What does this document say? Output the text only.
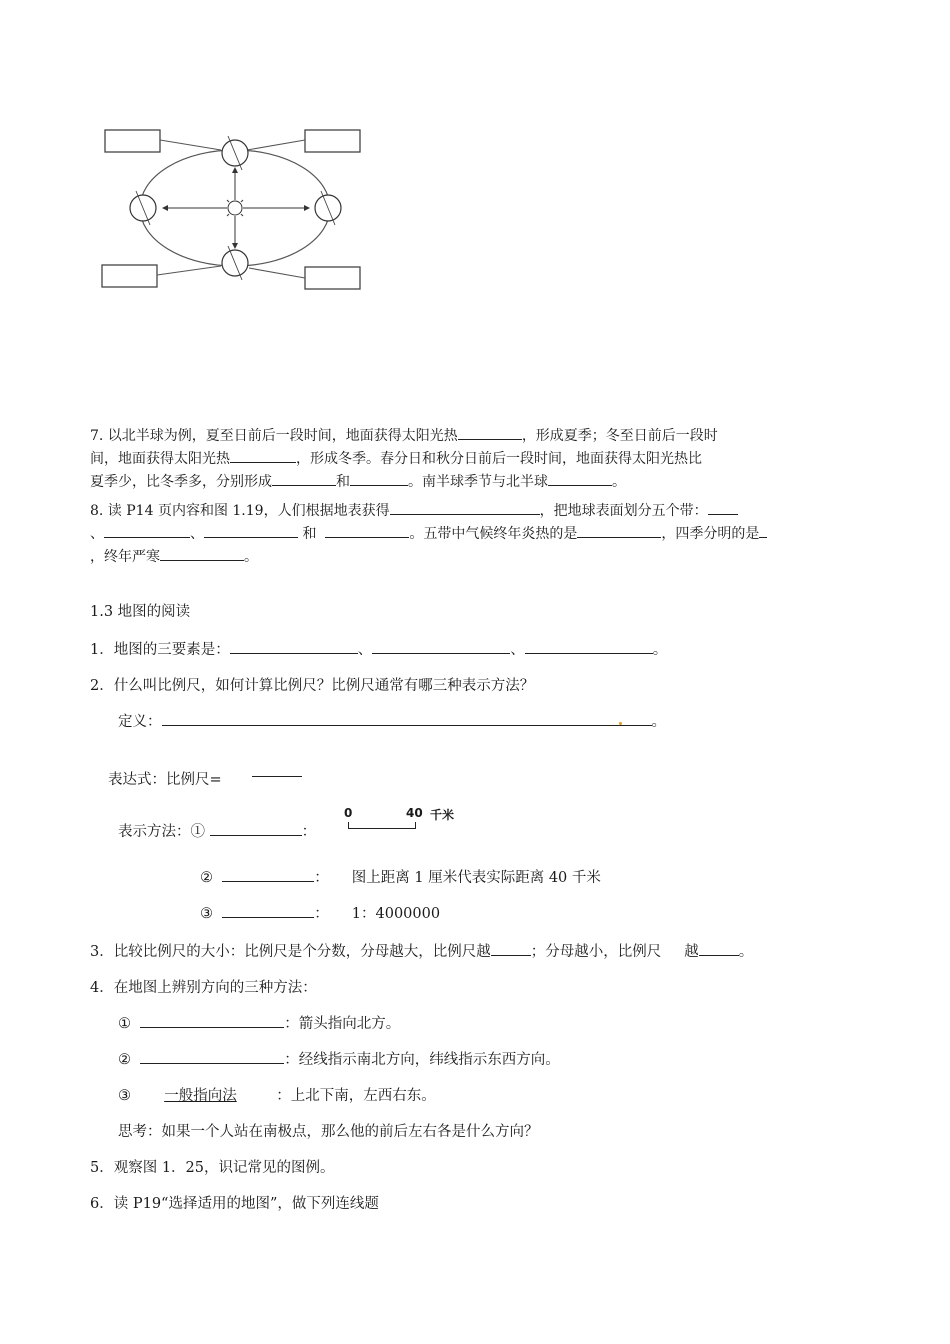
7. 以北半球为例，夏至日前后一段时间，地面获得太阳光热	，形成夏季；冬至日前后一段时
间，地面获得太阳光热	，形成冬季。春分日和秋分日前后一段时间，地面获得太阳光热比
夏季少，比冬季多，分别形成	和	。南半球季节与北半球	。
8. 读 P14 页内容和图 1.19，人们根据地表获得	，把地球表面划分五个带：
、	、	和	。五带中气候终年炎热的是	，四季分明的是
，终年严寒	。
1.3 地图的阅读
1．地图的三要素是：	、	、	。
2．什么叫比例尺，如何计算比例尺？比例尺通常有哪三种表示方法？
定义：	。
表达式：比例尺=
表示方法：①	：
0	40 千米
②	： 图上距离 1 厘米代表实际距离 40 千米
③	： 1：4000000
3．比较比例尺的大小：比例尺是个分数，分母越大，比例尺越	；分母越小，比例尺 越	。
4．在地图上辨别方向的三种方法：
①	：箭头指向北方。
②	：经线指示南北方向，纬线指示东西方向。
③ 一般指向法	：上北下南，左西右东。
思考：如果一个人站在南极点，那么他的前后左右各是什么方向？
5．观察图 1．25，识记常见的图例。
6．读 P19“选择适用的地图”，做下列连线题
